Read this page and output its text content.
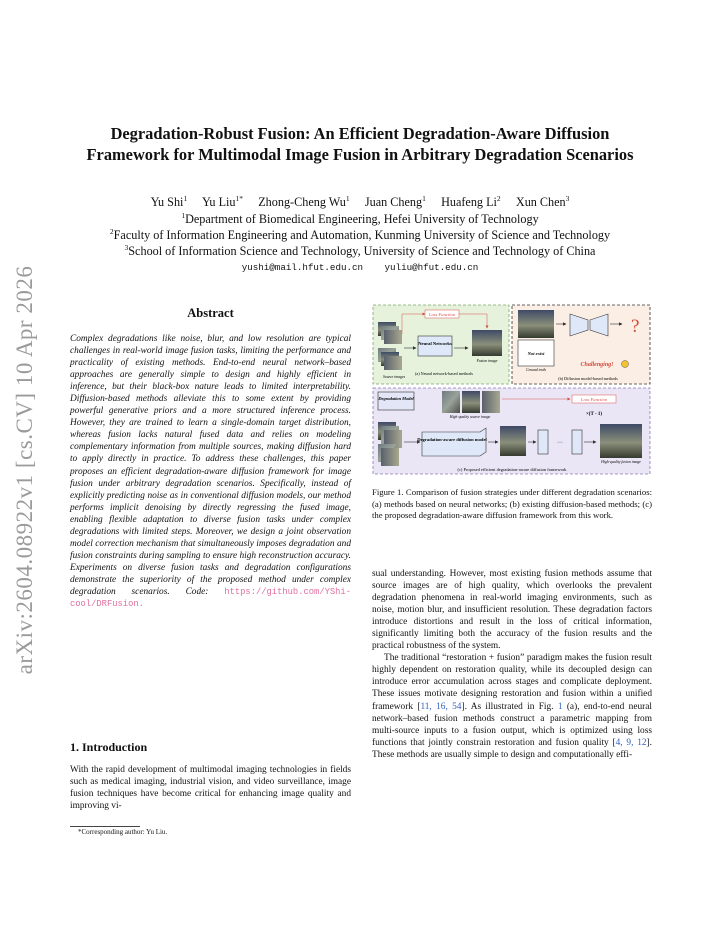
arXiv:2604.08922v1 [cs.CV] 10 Apr 2026
Degradation-Robust Fusion: An Efficient Degradation-Aware Diffusion
Framework for Multimodal Image Fusion in Arbitrary Degradation Scenarios
Yu Shi$^1$ Yu Liu$^{1*}$ Zhong-Cheng Wu$^1$ Juan Cheng$^1$ Huafeng Li$^2$ Xun Chen$^3$
$^1$Department of Biomedical Engineering, Hefei University of Technology
$^2$Faculty of Information Engineering and Automation, Kunming University of Science and Technology
$^3$School of Information Science and Technology, University of Science and Technology of China
yushi@mail.hfut.edu.cn yuliu@hfut.edu.cn
Abstract
Complex degradations like noise, blur, and low resolution are typical challenges in real-world image fusion tasks, limiting the performance and practicality of existing methods. End-to-end neural network–based approaches are generally simple to design and highly efficient in inference, but their black-box nature leads to limited interpretability. Diffusion-based methods alleviate this to some extent by providing powerful generative priors and a more structured inference process. However, they are trained to learn a single-domain target distribution, whereas fusion lacks natural fused data and relies on modeling complementary information from multiple sources, making diffusion hard to apply directly in practice. To address these challenges, this paper proposes an efficient degradation-aware diffusion framework for image fusion under arbitrary degradation scenarios. Specifically, instead of explicitly predicting noise as in conventional diffusion models, our method performs implicit denoising by directly regressing the fused image, enabling flexible adaptation to diverse fusion tasks under complex degradations with limited steps. Moreover, we design a joint observation model correction mechanism that simultaneously imposes degradation and fusion constraints during sampling to ensure high reconstruction accuracy. Experiments on diverse fusion tasks and degradation configurations demonstrate the superiority of the proposed method under complex degradation scenarios. Code: https://github.com/YShi-cool/DRFusion.
1. Introduction
With the rapid development of multimodal imaging technologies in fields such as medical imaging, industrial vision, and video surveillance, image fusion techniques have become critical for enhancing image quality and improving vi-
*Corresponding author: Yu Liu.
Loss Function
Neural Networks
Source images
Fusion image
(a) Neural network-based methods
?
Not exist
Ground truth
Challenging!
(b) Diffusion model-based methods
Degradation Model
High-quality source image
Loss Function
×(T - 1)
Degradation-aware diffusion model
···
High-quality fusion image
(c) Proposed efficient degradation-aware diffusion framework
Figure 1. Comparison of fusion strategies under different degradation scenarios: (a) methods based on neural networks; (b) existing diffusion-based methods; (c) the proposed degradation-aware diffusion framework from this work.

sual understanding. However, most existing fusion methods assume that source images are of high quality, which overlooks the prevalent degradation phenomena in real-world imaging environments, such as noise, motion blur, and insufficient resolution. These degradation factors introduce distortions and result in the loss of critical information, significantly limiting both the accuracy of the fusion results and the practical robustness of the system.

The traditional “restoration + fusion” paradigm makes the fusion result highly dependent on restoration quality, while its decoupled design can introduce error accumulation across stages and complicate deployment. These issues motivate designing restoration and fusion within a unified framework [11, 16, 54]. As illustrated in Fig. 1 (a), end-to-end neural network–based fusion methods construct a parametric mapping from multi-source inputs to a fusion output, which is optimized using loss functions that jointly constrain restoration and fusion quality [4, 9, 12]. These methods are usually simple to design and computationally effi-
